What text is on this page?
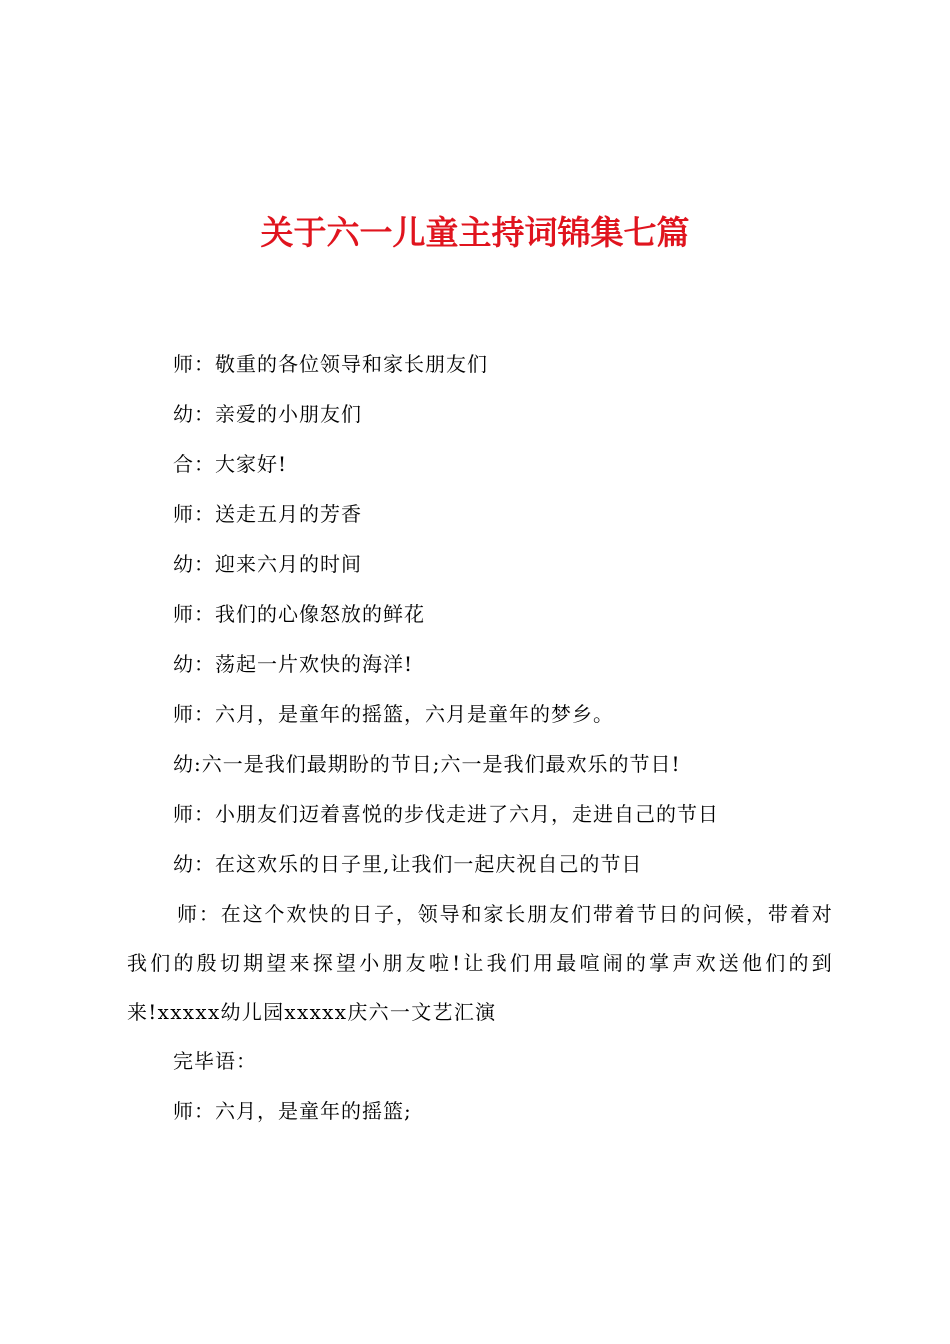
关于六一儿童主持词锦集七篇
师：敬重的各位领导和家长朋友们
幼：亲爱的小朋友们
合：大家好!
师：送走五月的芳香
幼：迎来六月的时间
师：我们的心像怒放的鲜花
幼：荡起一片欢快的海洋!
师：六月，是童年的摇篮，六月是童年的梦乡。
幼:六一是我们最期盼的节日;六一是我们最欢乐的节日!
师：小朋友们迈着喜悦的步伐走进了六月，走进自己的节日
幼：在这欢乐的日子里,让我们一起庆祝自己的节日
师：在这个欢快的日子，领导和家长朋友们带着节日的问候，带着对我们的殷切期望来探望小朋友啦!让我们用最喧闹的掌声欢送他们的到来!xxxxx幼儿园xxxxx庆六一文艺汇演
完毕语：
师：六月，是童年的摇篮;
